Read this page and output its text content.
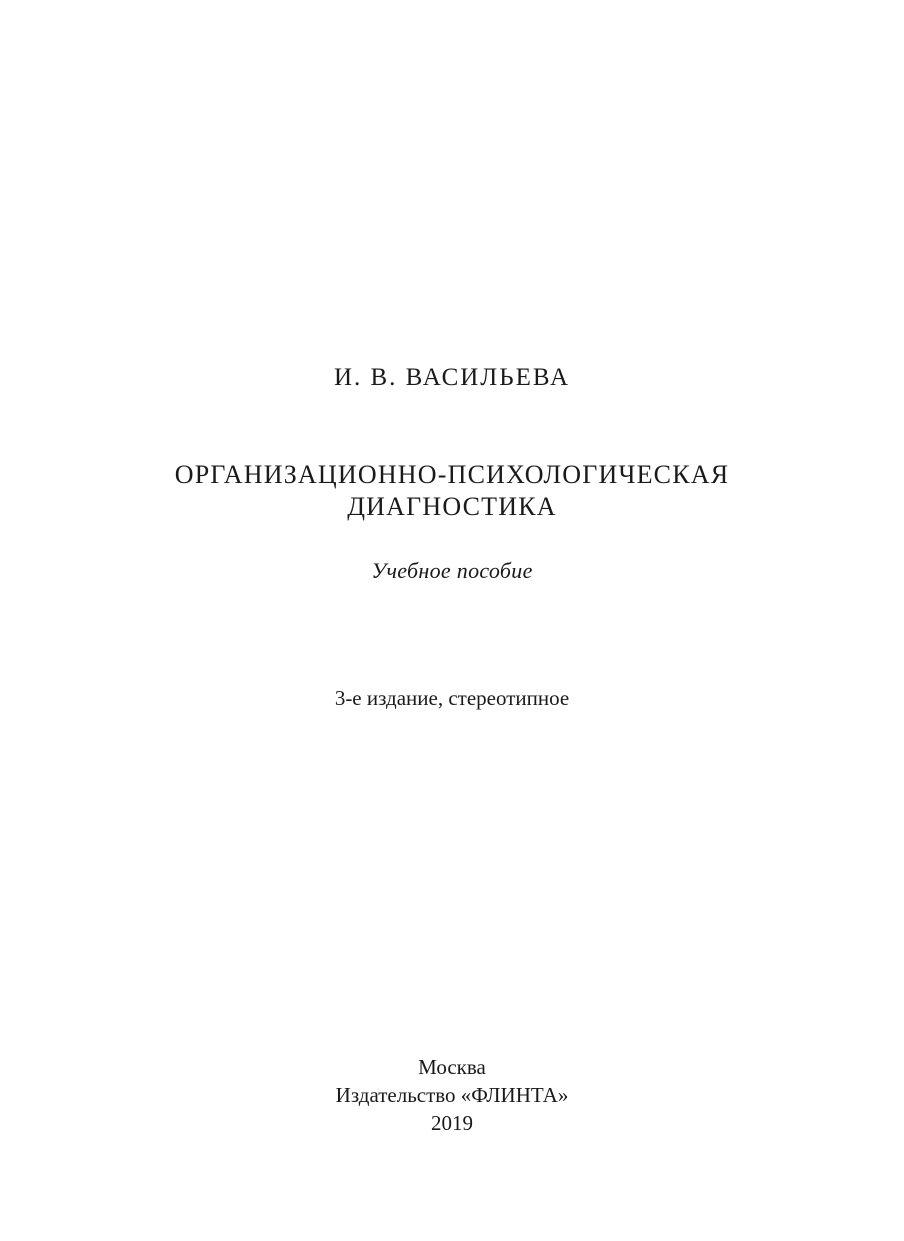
И. В. ВАСИЛЬЕВА
ОРГАНИЗАЦИОННО-ПСИХОЛОГИЧЕСКАЯ
ДИАГНОСТИКА
Учебное пособие
3-е издание, стереотипное
Москва
Издательство «ФЛИНТА»
2019
